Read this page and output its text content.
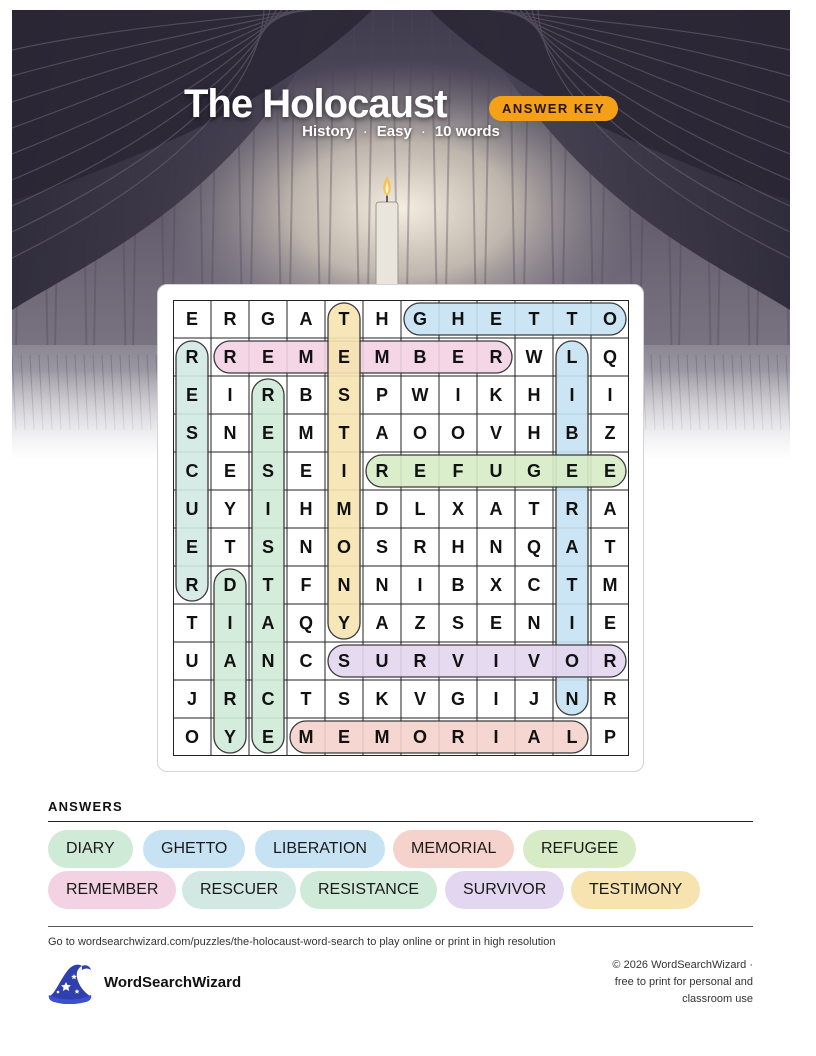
The Holocaust	ANSWER KEY
History · Easy · 10 words
E	R	G	A	T	H	G	H	E	T	T	O
R	R	E	M	E	M	B	E	R	W	L	Q
E	I	R	B	S	P	W	I	K	H	I	I
S	N	E	M	T	A	O	O	V	H	B	Z
C	E	S	E	I	R	E	F	U	G	E	E
U	Y	I	H	M	D	L	X	A	T	R	A
E	T	S	N	O	S	R	H	N	Q	A	T
R	D	T	F	N	N	I	B	X	C	T	M
T	I	A	Q	Y	A	Z	S	E	N	I	E
U	A	N	C	S	U	R	V	I	V	O	R
J	R	C	T	S	K	V	G	I	J	N	R
O	Y	E	M	E	M	O	R	I	A	L	P
ANSWERS
DIARY	GHETTO	LIBERATION	MEMORIAL	REFUGEE
REMEMBER	RESCUER	RESISTANCE	SURVIVOR	TESTIMONY
Go to wordsearchwizard.com/puzzles/the-holocaust-word-search to play online or print in high resolution
WordSearchWizard
© 2026 WordSearchWizard ·
free to print for personal and
classroom use
